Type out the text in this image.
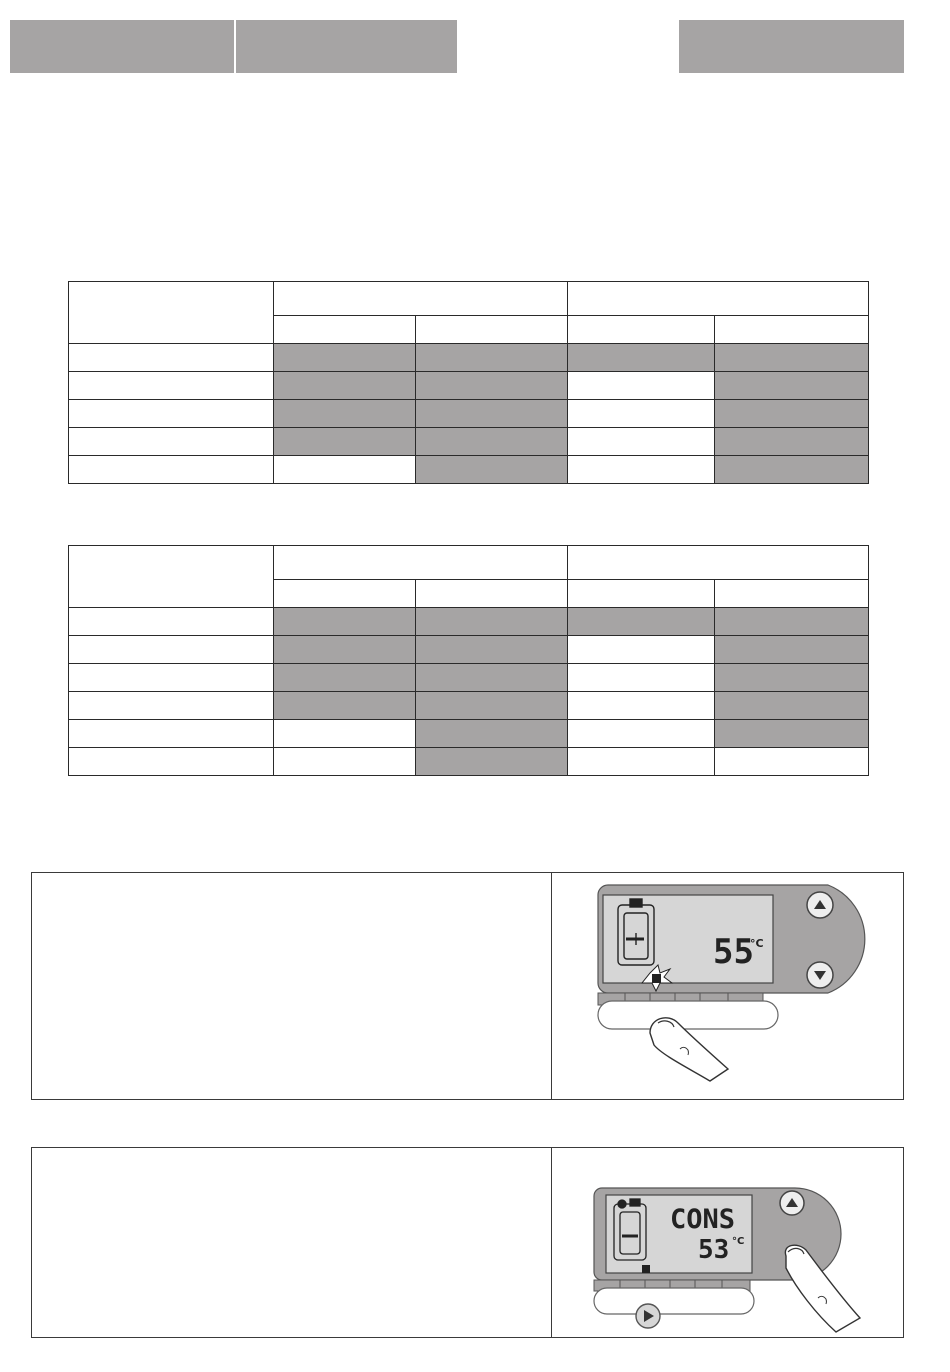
55
°C
CONS
53 °C
